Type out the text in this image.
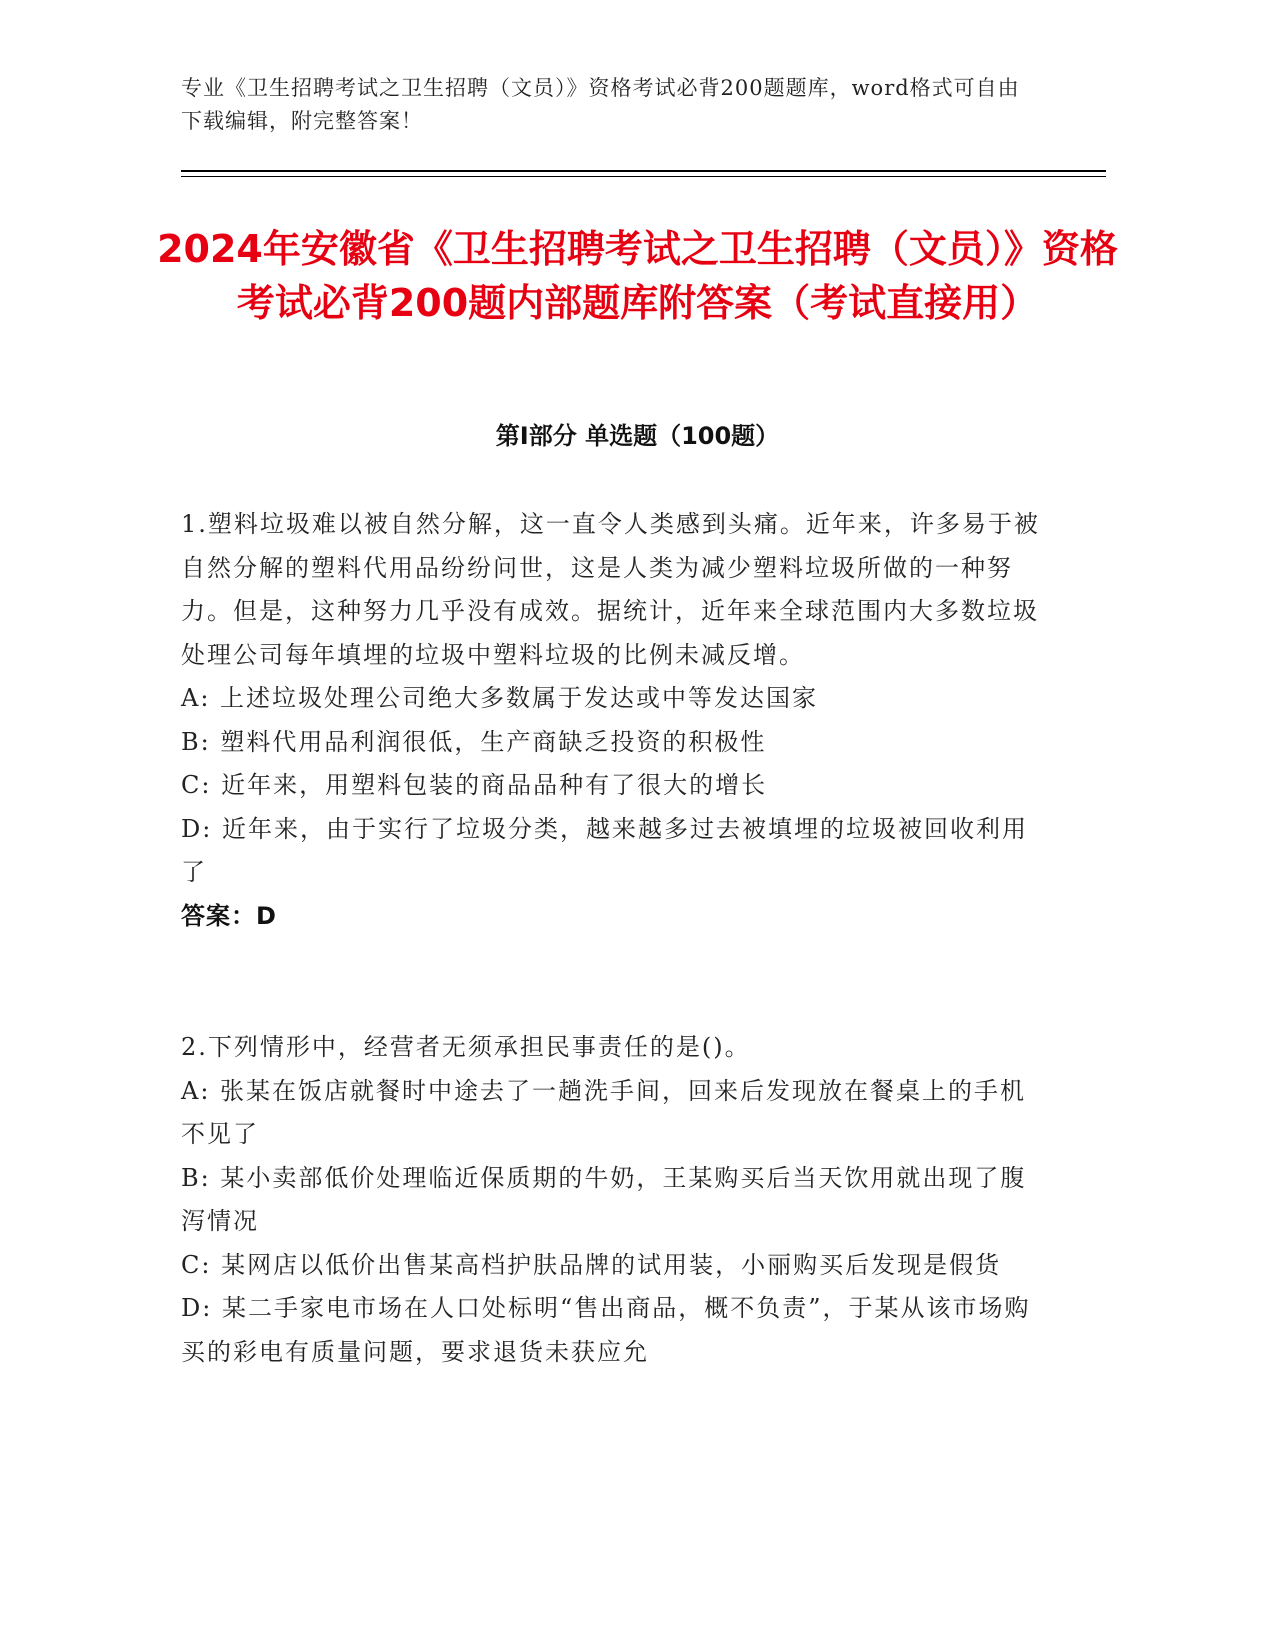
专业《卫生招聘考试之卫生招聘（文员）》资格考试必背200题题库，word格式可自由下载编辑，附完整答案！
2024年安徽省《卫生招聘考试之卫生招聘（文员）》资格考试必背200题内部题库附答案（考试直接用）
第I部分 单选题（100题）

1.塑料垃圾难以被自然分解，这一直令人类感到头痛。近年来，许多易于被自然分解的塑料代用品纷纷问世，这是人类为减少塑料垃圾所做的一种努力。但是，这种努力几乎没有成效。据统计，近年来全球范围内大多数垃圾处理公司每年填埋的垃圾中塑料垃圾的比例未减反增。

A: 上述垃圾处理公司绝大多数属于发达或中等发达国家

B: 塑料代用品利润很低，生产商缺乏投资的积极性

C: 近年来，用塑料包装的商品品种有了很大的增长

D: 近年来，由于实行了垃圾分类，越来越多过去被填埋的垃圾被回收利用了

答案：D

2.下列情形中，经营者无须承担民事责任的是()。

A: 张某在饭店就餐时中途去了一趟洗手间，回来后发现放在餐桌上的手机不见了

B: 某小卖部低价处理临近保质期的牛奶，王某购买后当天饮用就出现了腹泻情况

C: 某网店以低价出售某高档护肤品牌的试用装，小丽购买后发现是假货

D: 某二手家电市场在人口处标明“售出商品，概不负责”，于某从该市场购买的彩电有质量问题，要求退货未获应允
